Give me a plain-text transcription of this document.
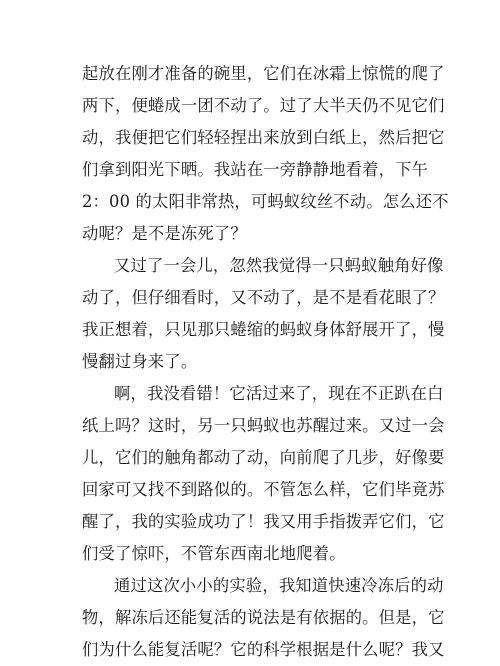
起放在刚才准备的碗里，它们在冰霜上惊慌的爬了
两下，便蜷成一团不动了。过了大半天仍不见它们
动，我便把它们轻轻捏出来放到白纸上，然后把它
们拿到阳光下晒。我站在一旁静静地看着，下午
2：00 的太阳非常热，可蚂蚁纹丝不动。怎么还不
动呢？是不是冻死了？
又过了一会儿，忽然我觉得一只蚂蚁触角好像
动了，但仔细看时，又不动了，是不是看花眼了？
我正想着，只见那只蜷缩的蚂蚁身体舒展开了，慢
慢翻过身来了。
啊，我没看错！它活过来了，现在不正趴在白
纸上吗？这时，另一只蚂蚁也苏醒过来。又过一会
儿，它们的触角都动了动，向前爬了几步，好像要
回家可又找不到路似的。不管怎么样，它们毕竟苏
醒了，我的实验成功了！我又用手指拨弄它们，它
们受了惊吓，不管东西南北地爬着。
通过这次小小的实验，我知道快速冷冻后的动
物，解冻后还能复活的说法是有依据的。但是，它
们为什么能复活呢？它的科学根据是什么呢？我又
